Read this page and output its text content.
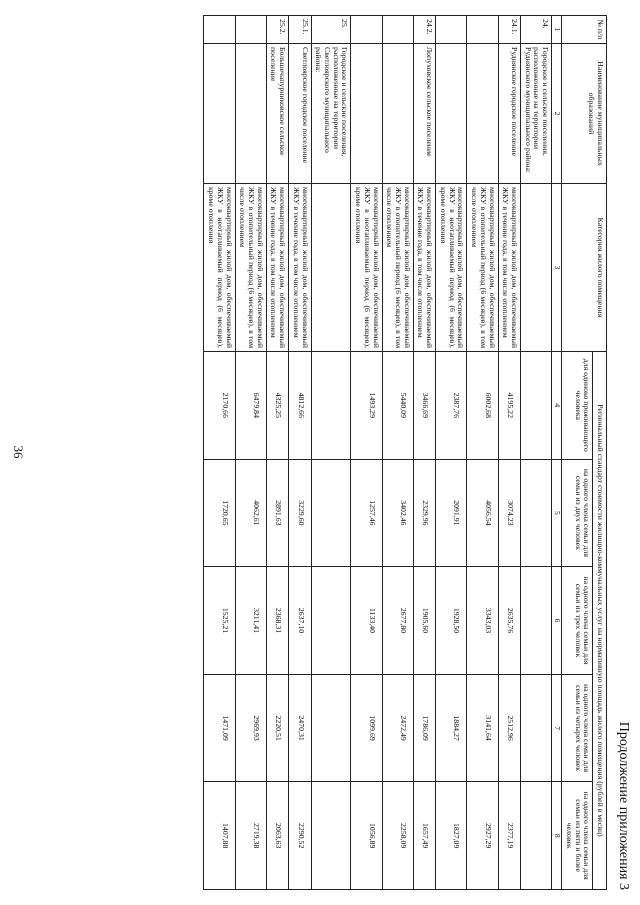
36
Продолжение приложения 3
№ п/п	Наименование муниципальных образований	Категория жилого помещения	Региональный стандарт стоимости жилищно-коммунальных услуг на нормативную площадь жилого помещения (рублей в месяц)				
			для одиноко проживающего человека	на одного члена семьи для семьи из двух человек	на одного члена семьи для семьи из трех человек	на одного члена семьи для семьи из четырех человек	на одного члена семьи для семьи из пяти и более человек
1	2	3	4	5	6	7	8
24.	Городское и сельское поселения, расположенные на территории Руднянского муниципального района:						
24.1.	Руднянское городское поселение	многоквартирный жилой дом, обеспечиваемый ЖКУ в течение года, в том числе отоплением	4195,22	3074,23	2635,76	2512,96	2377,19
		многоквартирный жилой дом, обеспечиваемый ЖКУ в отопительный период (6 месяцев), в том числе отоплением	6002,68	4056,54	3343,03	3141,64	2927,29
		многоквартирный жилой дом, обеспечиваемый ЖКУ в неотапливаемый период (6 месяцев), кроме отопления	2387,76	2091,91	1928,50	1884,27	1827,09
24.2.	Лопуховское сельское поселение	многоквартирный жилой дом, обеспечиваемый ЖКУ в течение года, в том числе отоплением	3466,69	2329,96	1905,60	1786,09	1657,49
		многоквартирный жилой дом, обеспечиваемый ЖКУ в отопительный период (6 месяцев), в том числе отоплением	5440,09	3402,46	2677,80	2472,49	2258,09
		многоквартирный жилой дом, обеспечиваемый ЖКУ в неотапливаемый период (6 месяцев), кроме отопления	1493,29	1257,46	1133,40	1099,69	1056,89
25.	Городское и сельские поселения, расположенные на территории Светлоярского муниципального района:						
25.1.	Светлоярское городское поселение	многоквартирный жилой дом, обеспечиваемый ЖКУ в течение года, в том числе отоплением	4812,66	3229,60	2637,10	2470,31	2290,52
25.2.	Большечапурниковское сельское поселение	многоквартирный жилой дом, обеспечиваемый ЖКУ в течение года, в том числе отоплением	4325,25	2891,63	2368,31	2220,51	2063,63
		многоквартирный жилой дом, обеспечиваемый ЖКУ в отопительный период (6 месяцев), в том числе отоплением	6479,84	4062,61	3211,41	2969,93	2719,38
		многоквартирный жилой дом, обеспечиваемый ЖКУ в неотапливаемый период (6 месяцев), кроме отопления	2170,66	1720,65	1525,21	1471,09	1407,88
